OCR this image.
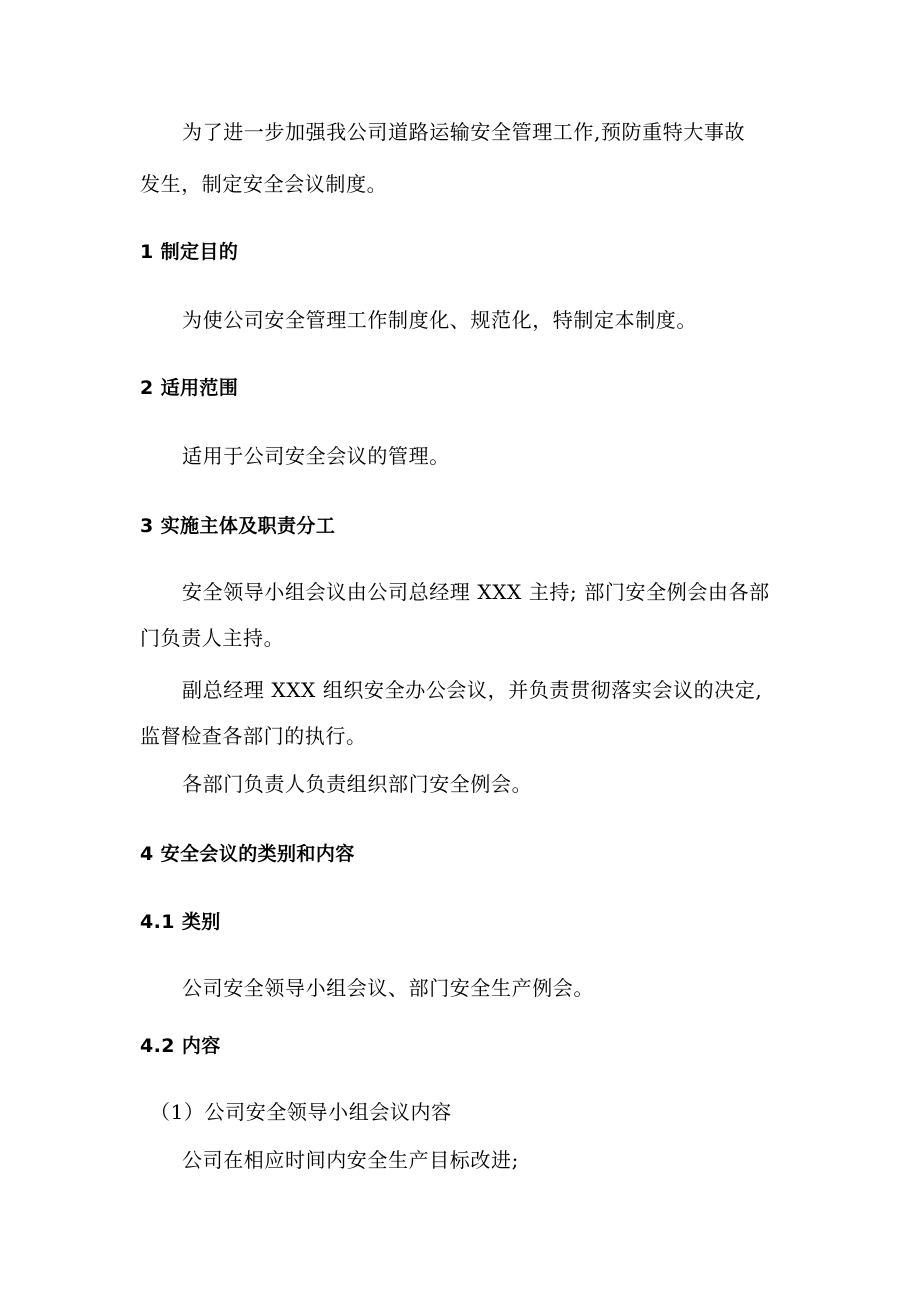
为了进一步加强我公司道路运输安全管理工作,预防重特大事故
发生，制定安全会议制度。
1 制定目的
为使公司安全管理工作制度化、规范化，特制定本制度。
2 适用范围
适用于公司安全会议的管理。
3 实施主体及职责分工
安全领导小组会议由公司总经理 XXX 主持; 部门安全例会由各部
门负责人主持。
副总经理 XXX 组织安全办公会议，并负责贯彻落实会议的决定,
监督检查各部门的执行。
各部门负责人负责组织部门安全例会。
4 安全会议的类别和内容
4.1 类别
公司安全领导小组会议、部门安全生产例会。
4.2 内容
（1）公司安全领导小组会议内容
公司在相应时间内安全生产目标改进;
